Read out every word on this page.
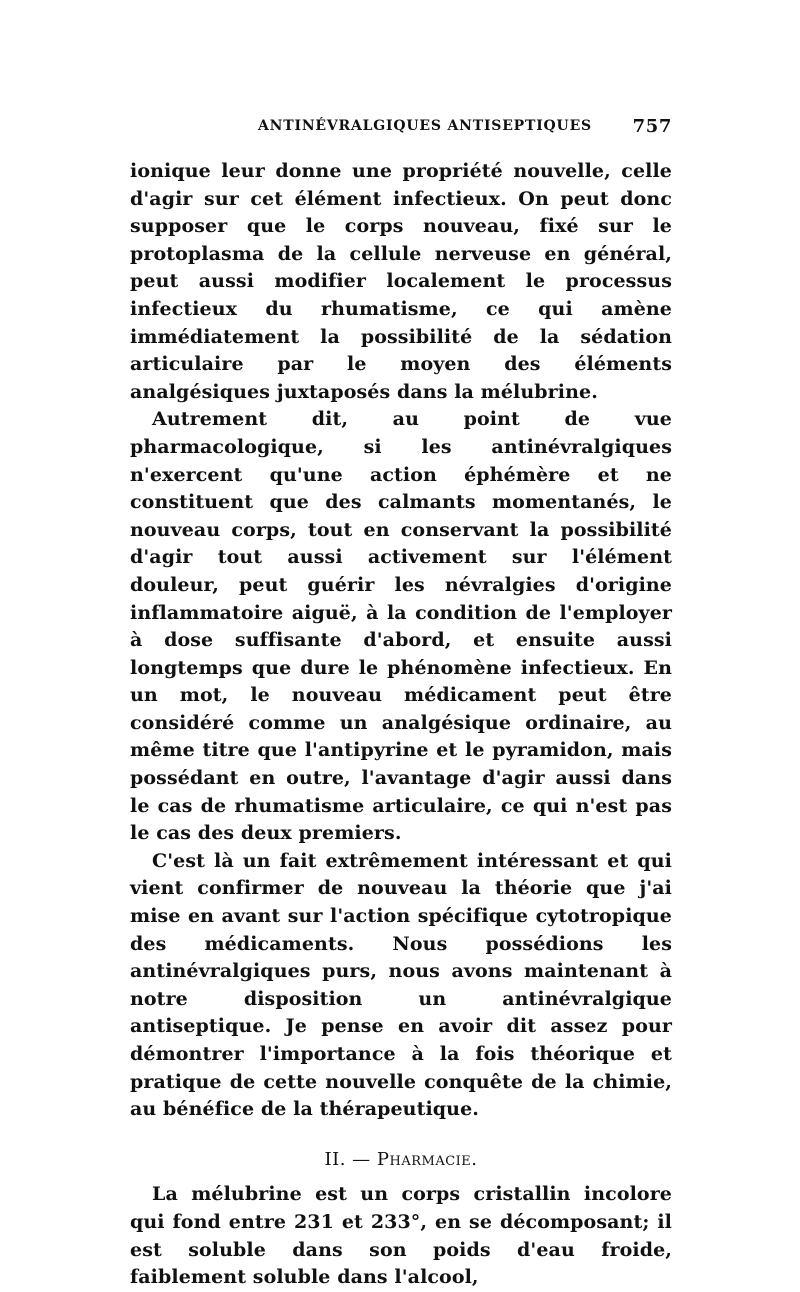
ANTINÉVRALGIQUES ANTISEPTIQUES 757

ionique leur donne une propriété nouvelle, celle d'agir sur cet élément infectieux. On peut donc supposer que le corps nouveau, fixé sur le protoplasma de la cellule nerveuse en général, peut aussi modifier localement le processus infectieux du rhumatisme, ce qui amène immédiatement la possibilité de la sédation articulaire par le moyen des éléments analgésiques juxtaposés dans la mélubrine.

Autrement dit, au point de vue pharmacologique, si les antinévralgiques n'exercent qu'une action éphémère et ne constituent que des calmants momentanés, le nouveau corps, tout en conservant la possibilité d'agir tout aussi activement sur l'élément douleur, peut guérir les névralgies d'origine inflammatoire aiguë, à la condition de l'employer à dose suffisante d'abord, et ensuite aussi longtemps que dure le phénomène infectieux. En un mot, le nouveau médicament peut être considéré comme un analgésique ordinaire, au même titre que l'antipyrine et le pyramidon, mais possédant en outre, l'avantage d'agir aussi dans le cas de rhumatisme articulaire, ce qui n'est pas le cas des deux premiers.

C'est là un fait extrêmement intéressant et qui vient confirmer de nouveau la théorie que j'ai mise en avant sur l'action spécifique cytotropique des médicaments. Nous possédions les antinévralgiques purs, nous avons maintenant à notre disposition un antinévralgique antiseptique. Je pense en avoir dit assez pour démontrer l'importance à la fois théorique et pratique de cette nouvelle conquête de la chimie, au bénéfice de la thérapeutique.

II. — Pharmacie.

La mélubrine est un corps cristallin incolore qui fond entre 231 et 233°, en se décomposant; il est soluble dans son poids d'eau froide, faiblement soluble dans l'alcool,
